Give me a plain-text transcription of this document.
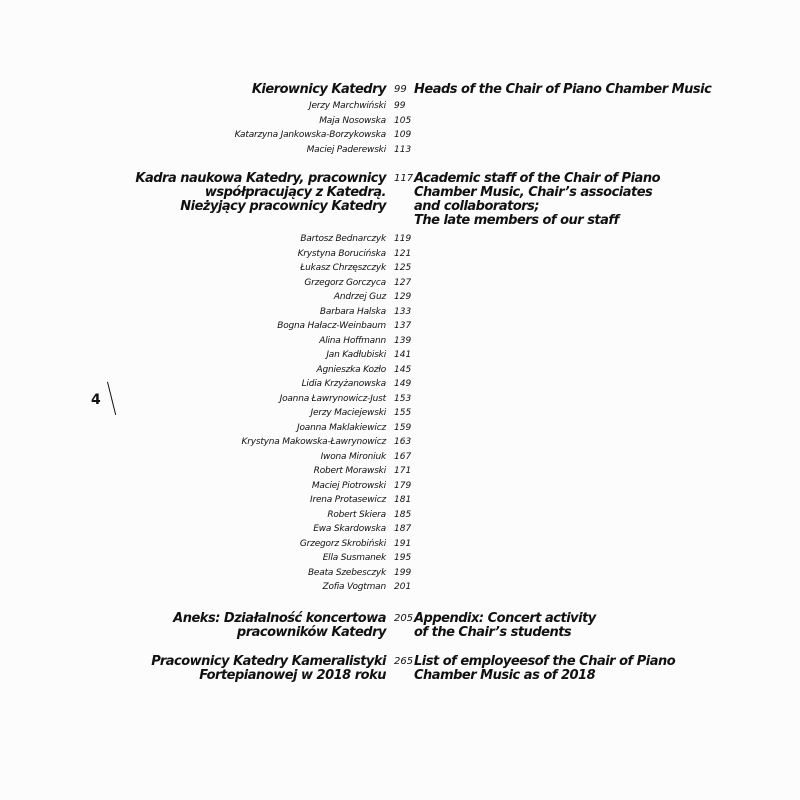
4
Kierownicy Katedry 99 Heads of the Chair of Piano Chamber Music
Jerzy Marchwiński 99
Maja Nosowska 105
Katarzyna Jankowska-Borzykowska 109
Maciej Paderewski 113
Kadra naukowa Katedry, pracownicy
współpracujący z Katedrą.
Nieżyjący pracownicy Katedry
117 Academic staff of the Chair of Piano
Chamber Music, Chair’s associates
and collaborators;
The late members of our staff
Bartosz Bednarczyk 119
Krystyna Borucińska 121
Łukasz Chrzęszczyk 125
Grzegorz Gorczyca 127
Andrzej Guz 129
Barbara Halska 133
Bogna Hałacz-Weinbaum 137
Alina Hoffmann 139
Jan Kadłubiski 141
Agnieszka Kozło 145
Lidia Krzyżanowska 149
Joanna Ławrynowicz-Just 153
Jerzy Maciejewski 155
Joanna Maklakiewicz 159
Krystyna Makowska-Ławrynowicz 163
Iwona Mironiuk 167
Robert Morawski 171
Maciej Piotrowski 179
Irena Protasewicz 181
Robert Skiera 185
Ewa Skardowska 187
Grzegorz Skrobiński 191
Ella Susmanek 195
Beata Szebesczyk 199
Zofia Vogtman 201
Aneks: Działalność koncertowa
pracowników Katedry
205 Appendix: Concert activity
of the Chair’s students
Pracownicy Katedry Kameralistyki
Fortepianowej w 2018 roku
265 List of employeesof the Chair of Piano
Chamber Music as of 2018
